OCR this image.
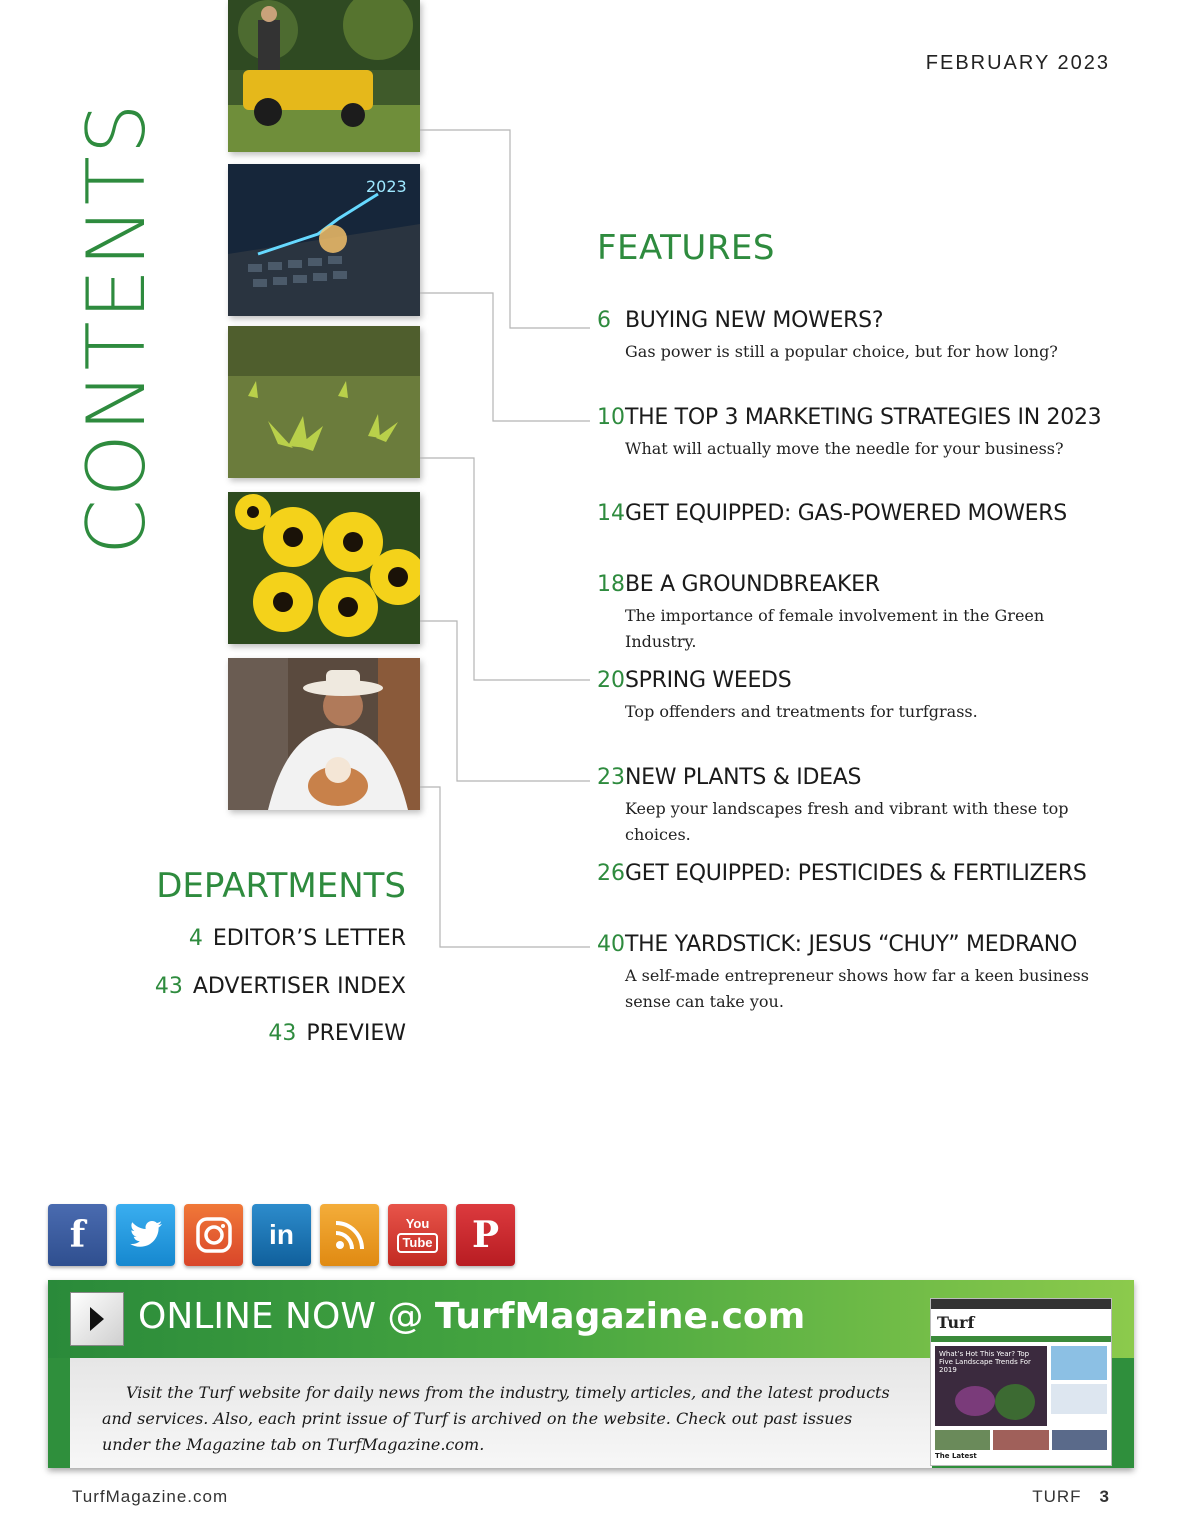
FEBRUARY 2023
CONTENTS	2023
FEATURES
6 BUYING NEW MOWERS?
Gas power is still a popular choice, but for how long?
10 THE TOP 3 MARKETING STRATEGIES IN 2023
What will actually move the needle for your business?
14 GET EQUIPPED: GAS-POWERED MOWERS
18 BE A GROUNDBREAKER
The importance of female involvement in the Green Industry.
20 SPRING WEEDS
Top offenders and treatments for turfgrass.
23 NEW PLANTS & IDEAS
Keep your landscapes fresh and vibrant with these top choices.
26 GET EQUIPPED: PESTICIDES & FERTILIZERS
40 THE YARDSTICK: JESUS “CHUY” MEDRANO
A self-made entrepreneur shows how far a keen business sense can take you.
DEPARTMENTS
4 EDITOR’S LETTER
43 ADVERTISER INDEX
43 PREVIEW
f	in	You
Tube	P
ONLINE NOW @ TurfMagazine.com
Visit the Turf website for daily news from the industry, timely articles, and the latest products and services. Also, each print issue of Turf is archived on the website. Check out past issues under the Magazine tab on TurfMagazine.com.
Turf
What’s Hot This Year? Top Five Landscape Trends For 2019
The Latest
TurfMagazine.com	TURF 3
